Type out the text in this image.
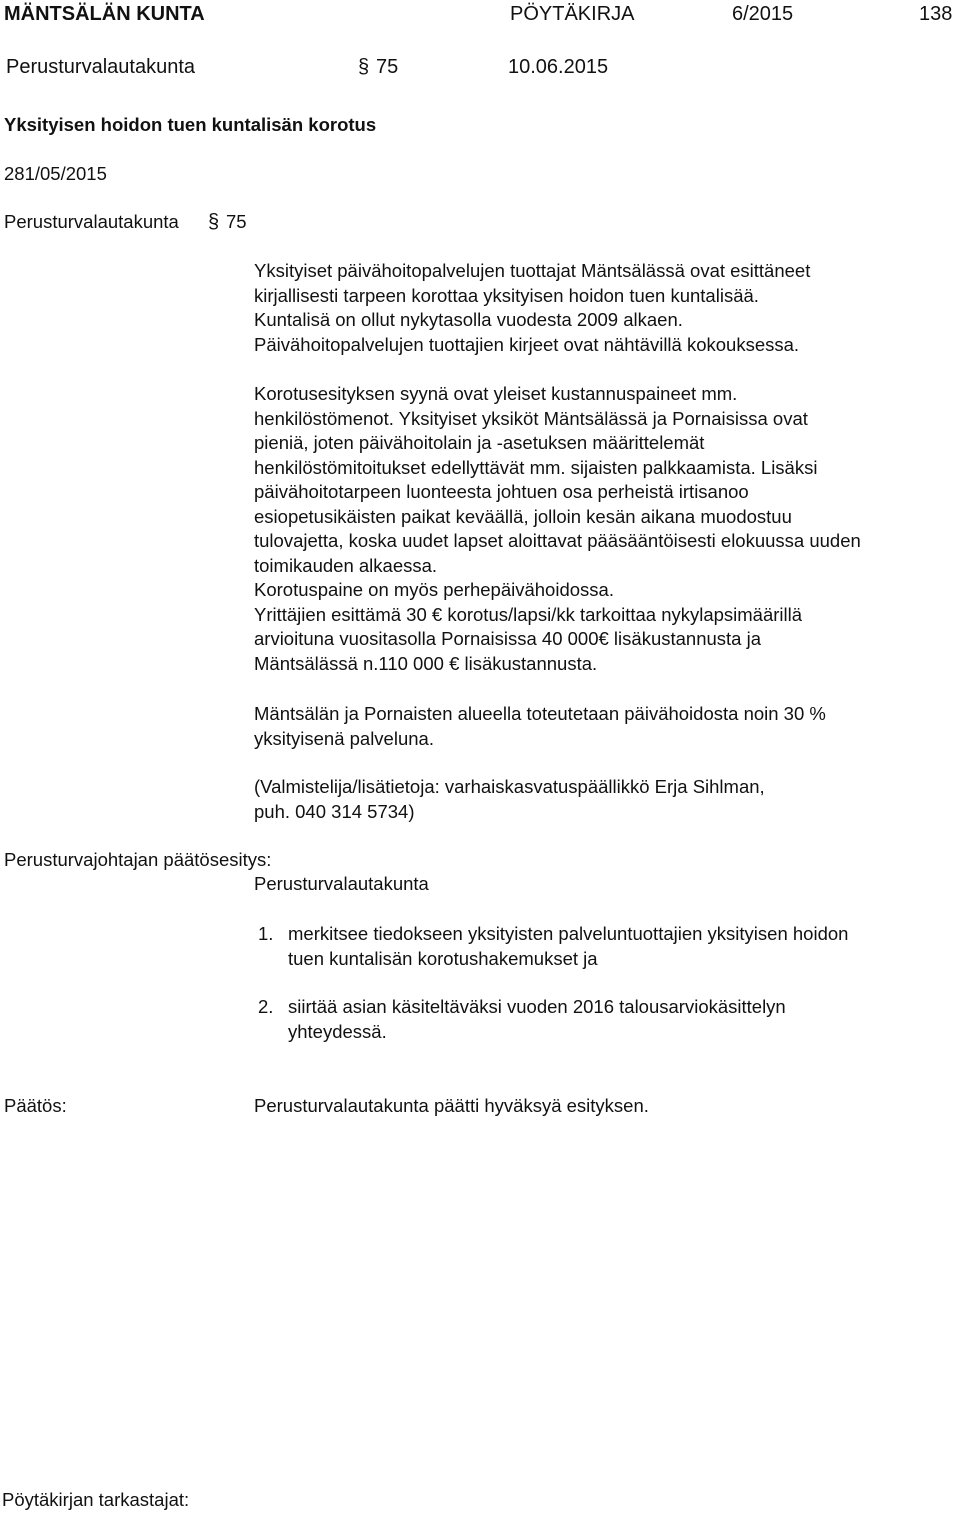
MÄNTSÄLÄN KUNTA	PÖYTÄKIRJA	6/2015	138
Perusturvalautakunta	§ 75	10.06.2015
Yksityisen hoidon tuen kuntalisän korotus
281/05/2015
Perusturvalautakunta § 75
Yksityiset päivähoitopalvelujen tuottajat Mäntsälässä ovat esittäneet
kirjallisesti tarpeen korottaa yksityisen hoidon tuen kuntalisää.
Kuntalisä on ollut nykytasolla vuodesta 2009 alkaen.
Päivähoitopalvelujen tuottajien kirjeet ovat nähtävillä kokouksessa.
Korotusesityksen syynä ovat yleiset kustannuspaineet mm.
henkilöstömenot. Yksityiset yksiköt Mäntsälässä ja Pornaisissa ovat
pieniä, joten päivähoitolain ja -asetuksen määrittelemät
henkilöstömitoitukset edellyttävät mm. sijaisten palkkaamista. Lisäksi
päivähoitotarpeen luonteesta johtuen osa perheistä irtisanoo
esiopetusikäisten paikat keväällä, jolloin kesän aikana muodostuu
tulovajetta, koska uudet lapset aloittavat pääsääntöisesti elokuussa uuden
toimikauden alkaessa.
Korotuspaine on myös perhepäivähoidossa.
Yrittäjien esittämä 30 € korotus/lapsi/kk tarkoittaa nykylapsimäärillä
arvioituna vuositasolla Pornaisissa 40 000€ lisäkustannusta ja
Mäntsälässä n.110 000 € lisäkustannusta.
Mäntsälän ja Pornaisten alueella toteutetaan päivähoidosta noin 30 %
yksityisenä palveluna.
(Valmistelija/lisätietoja: varhaiskasvatuspäällikkö Erja Sihlman,
puh. 040 314 5734)
Perusturvajohtajan päätösesitys:
Perusturvalautakunta
1. merkitsee tiedokseen yksityisten palveluntuottajien yksityisen hoidon
tuen kuntalisän korotushakemukset ja
2. siirtää asian käsiteltäväksi vuoden 2016 talousarviokäsittelyn
yhteydessä.
Päätös:	Perusturvalautakunta päätti hyväksyä esityksen.
Pöytäkirjan tarkastajat:
